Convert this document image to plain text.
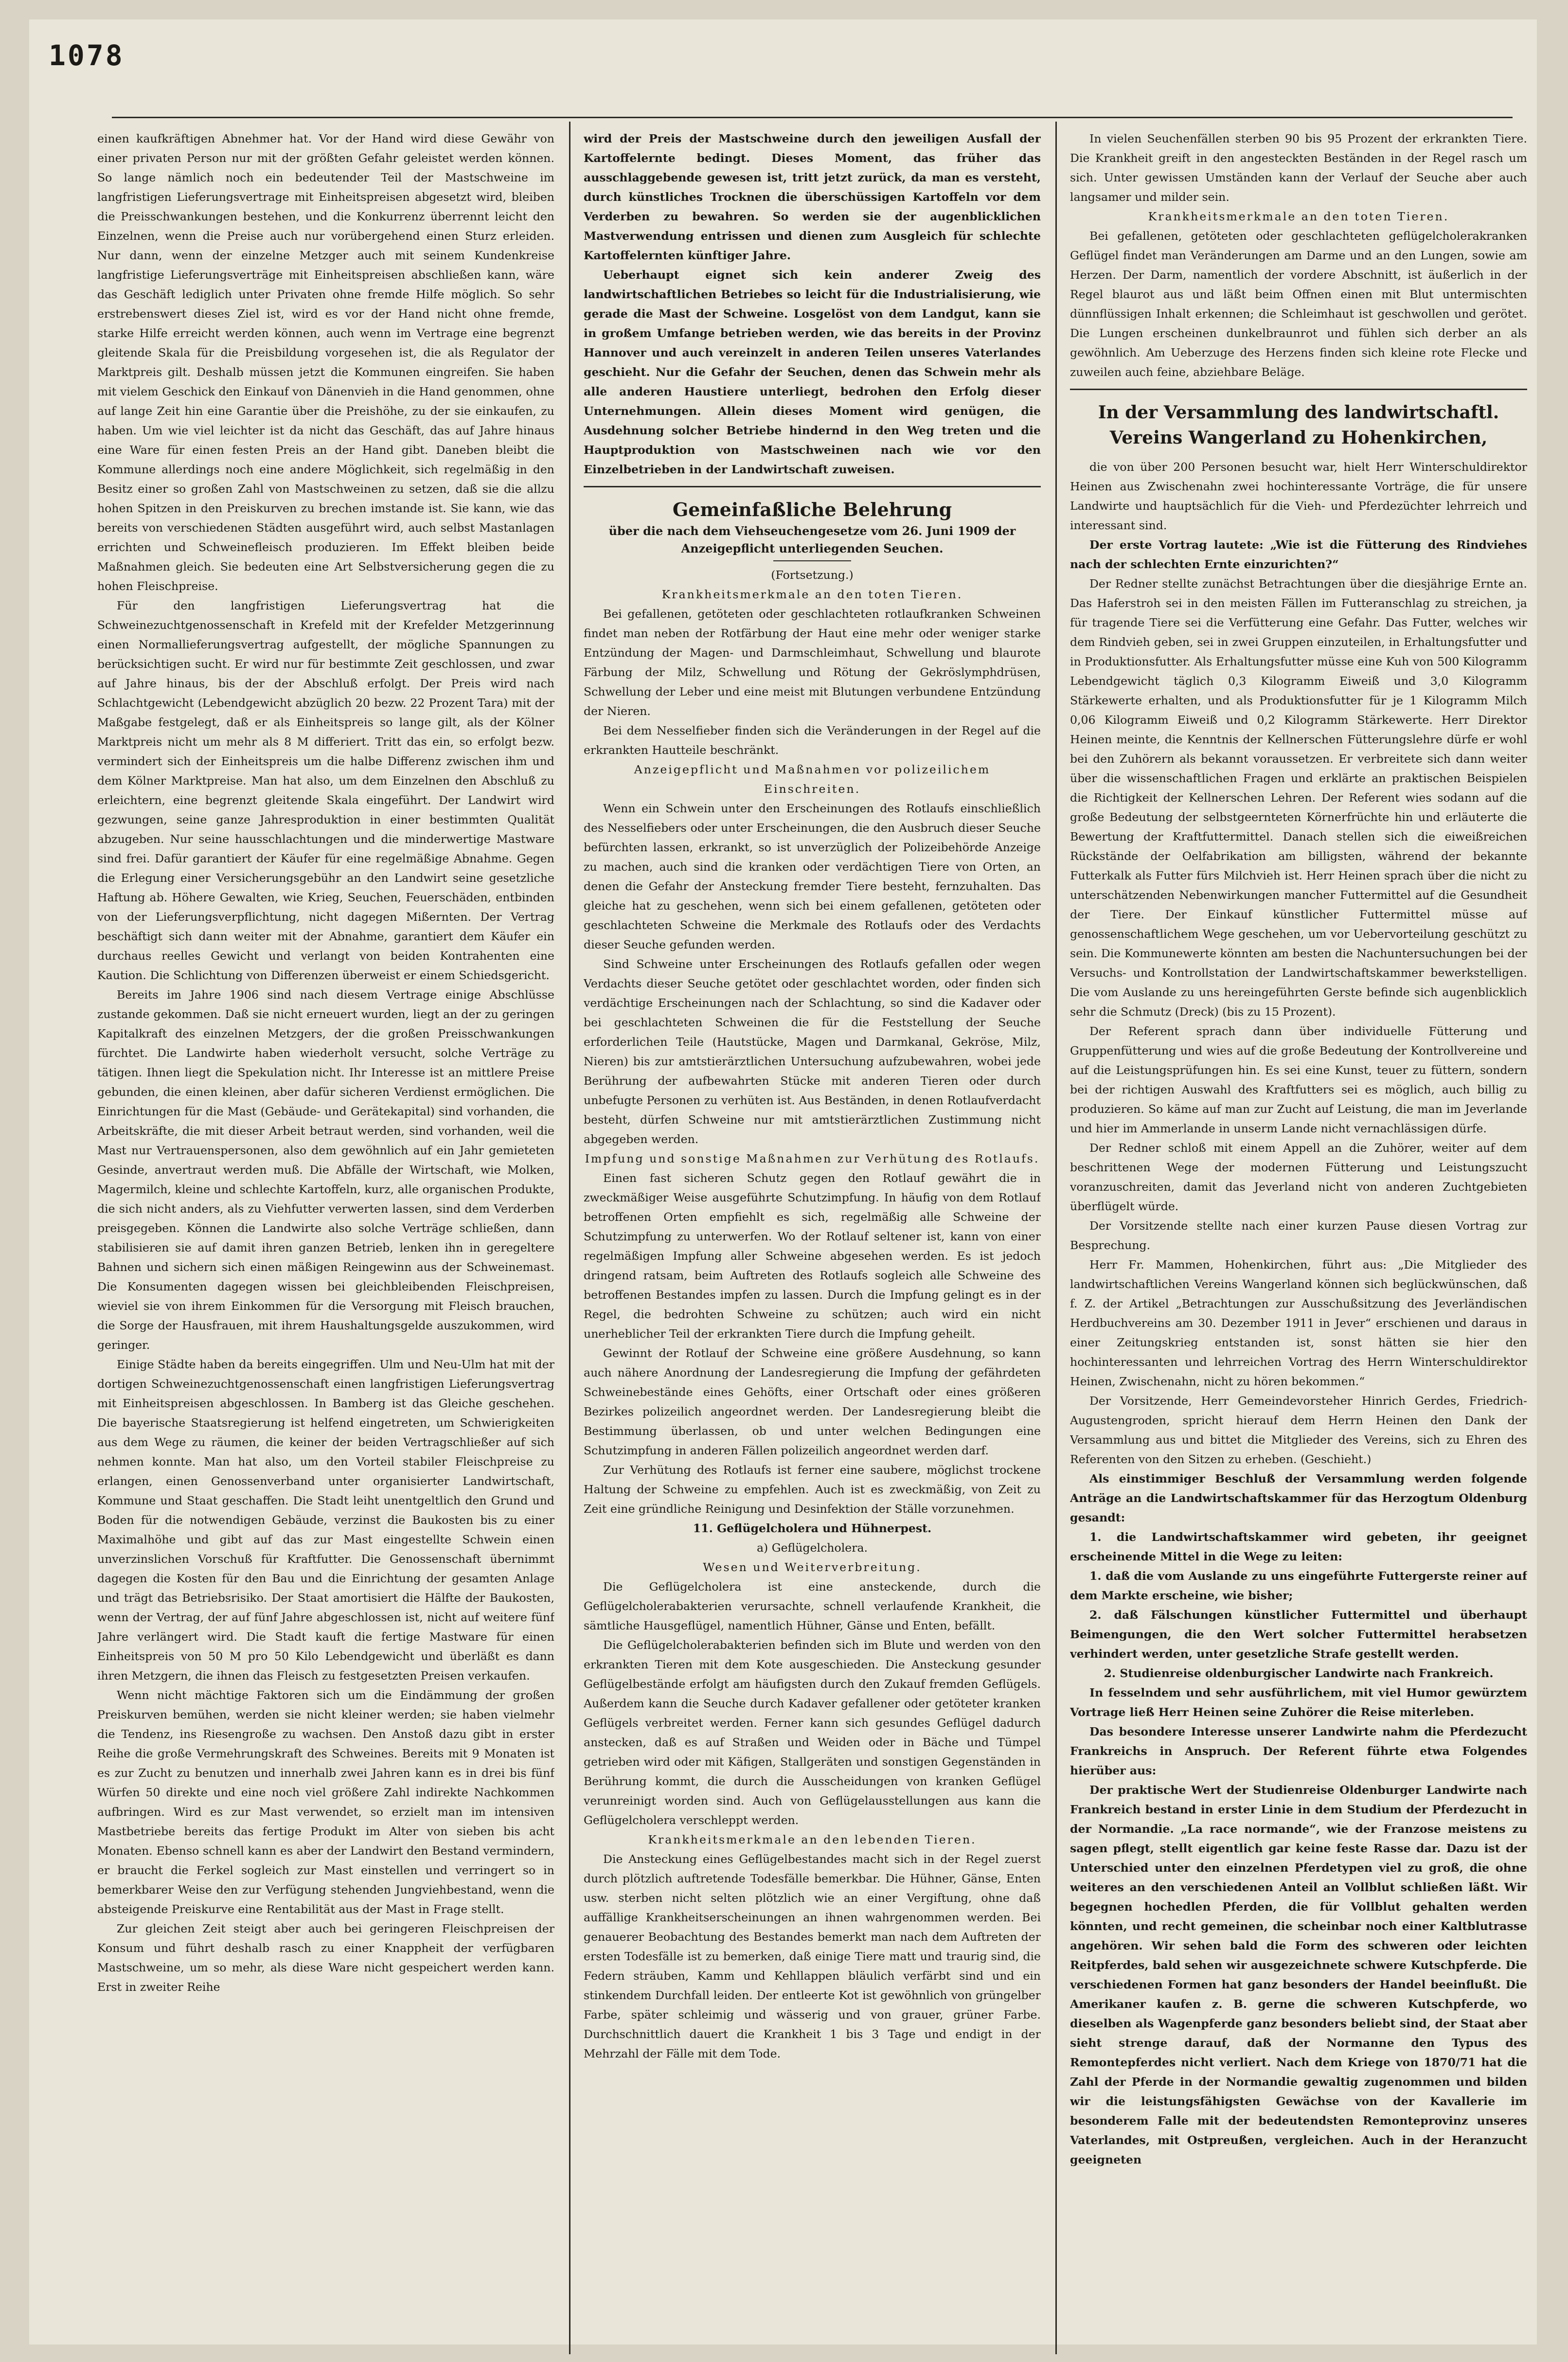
1078

einen kaufkräftigen Abnehmer hat. Vor der Hand wird diese Gewähr von einer privaten Person nur mit der größten Gefahr geleistet werden können. So lange nämlich noch ein bedeutender Teil der Mastschweine im langfristigen Lieferungsvertrage mit Einheitspreisen abgesetzt wird, bleiben die Preisschwankungen bestehen, und die Konkurrenz überrennt leicht den Einzelnen, wenn die Preise auch nur vorübergehend einen Sturz erleiden. Nur dann, wenn der einzelne Metzger auch mit seinem Kundenkreise langfristige Lieferungsverträge mit Einheitspreisen abschließen kann, wäre das Geschäft lediglich unter Privaten ohne fremde Hilfe möglich. So sehr erstrebenswert dieses Ziel ist, wird es vor der Hand nicht ohne fremde, starke Hilfe erreicht werden können, auch wenn im Vertrage eine begrenzt gleitende Skala für die Preisbildung vorgesehen ist, die als Regulator der Marktpreis gilt. Deshalb müssen jetzt die Kommunen eingreifen. Sie haben mit vielem Geschick den Einkauf von Dänenvieh in die Hand genommen, ohne auf lange Zeit hin eine Garantie über die Preishöhe, zu der sie einkaufen, zu haben. Um wie viel leichter ist da nicht das Geschäft, das auf Jahre hinaus eine Ware für einen festen Preis an der Hand gibt. Daneben bleibt die Kommune allerdings noch eine andere Möglichkeit, sich regelmäßig in den Besitz einer so großen Zahl von Mastschweinen zu setzen, daß sie die allzu hohen Spitzen in den Preiskurven zu brechen imstande ist. Sie kann, wie das bereits von verschiedenen Städten ausgeführt wird, auch selbst Mastanlagen errichten und Schweinefleisch produzieren. Im Effekt bleiben beide Maßnahmen gleich. Sie bedeuten eine Art Selbstversicherung gegen die zu hohen Fleischpreise.

Für den langfristigen Lieferungsvertrag hat die Schweinezuchtgenossenschaft in Krefeld mit der Krefelder Metzgerinnung einen Normallieferungsvertrag aufgestellt, der mögliche Spannungen zu berücksichtigen sucht. Er wird nur für bestimmte Zeit geschlossen, und zwar auf Jahre hinaus, bis der der Abschluß erfolgt. Der Preis wird nach Schlachtgewicht (Lebendgewicht abzüglich 20 bezw. 22 Prozent Tara) mit der Maßgabe festgelegt, daß er als Einheitspreis so lange gilt, als der Kölner Marktpreis nicht um mehr als 8 M differiert. Tritt das ein, so erfolgt bezw. vermindert sich der Einheitspreis um die halbe Differenz zwischen ihm und dem Kölner Marktpreise. Man hat also, um dem Einzelnen den Abschluß zu erleichtern, eine begrenzt gleitende Skala eingeführt. Der Landwirt wird gezwungen, seine ganze Jahresproduktion in einer bestimmten Qualität abzugeben. Nur seine hausschlachtungen und die minderwertige Mastware sind frei. Dafür garantiert der Käufer für eine regelmäßige Abnahme. Gegen die Erlegung einer Versicherungsgebühr an den Landwirt seine gesetzliche Haftung ab. Höhere Gewalten, wie Krieg, Seuchen, Feuerschäden, entbinden von der Lieferungsverpflichtung, nicht dagegen Mißernten. Der Vertrag beschäftigt sich dann weiter mit der Abnahme, garantiert dem Käufer ein durchaus reelles Gewicht und verlangt von beiden Kontrahenten eine Kaution. Die Schlichtung von Differenzen überweist er einem Schiedsgericht.

Bereits im Jahre 1906 sind nach diesem Vertrage einige Abschlüsse zustande gekommen. Daß sie nicht erneuert wurden, liegt an der zu geringen Kapitalkraft des einzelnen Metzgers, der die großen Preisschwankungen fürchtet. Die Landwirte haben wiederholt versucht, solche Verträge zu tätigen. Ihnen liegt die Spekulation nicht. Ihr Interesse ist an mittlere Preise gebunden, die einen kleinen, aber dafür sicheren Verdienst ermöglichen. Die Einrichtungen für die Mast (Gebäude- und Gerätekapital) sind vorhanden, die Arbeitskräfte, die mit dieser Arbeit betraut werden, sind vorhanden, weil die Mast nur Vertrauenspersonen, also dem gewöhnlich auf ein Jahr gemieteten Gesinde, anvertraut werden muß. Die Abfälle der Wirtschaft, wie Molken, Magermilch, kleine und schlechte Kartoffeln, kurz, alle organischen Produkte, die sich nicht anders, als zu Viehfutter verwerten lassen, sind dem Verderben preisgegeben. Können die Landwirte also solche Verträge schließen, dann stabilisieren sie auf damit ihren ganzen Betrieb, lenken ihn in geregeltere Bahnen und sichern sich einen mäßigen Reingewinn aus der Schweinemast. Die Konsumenten dagegen wissen bei gleichbleibenden Fleischpreisen, wieviel sie von ihrem Einkommen für die Versorgung mit Fleisch brauchen, die Sorge der Hausfrauen, mit ihrem Haushaltungsgelde auszukommen, wird geringer.

Einige Städte haben da bereits eingegriffen. Ulm und Neu-Ulm hat mit der dortigen Schweinezuchtgenossenschaft einen langfristigen Lieferungsvertrag mit Einheitspreisen abgeschlossen. In Bamberg ist das Gleiche geschehen. Die bayerische Staatsregierung ist helfend eingetreten, um Schwierigkeiten aus dem Wege zu räumen, die keiner der beiden Vertragschließer auf sich nehmen konnte. Man hat also, um den Vorteil stabiler Fleischpreise zu erlangen, einen Genossenverband unter organisierter Landwirtschaft, Kommune und Staat geschaffen. Die Stadt leiht unentgeltlich den Grund und Boden für die notwendigen Gebäude, verzinst die Baukosten bis zu einer Maximalhöhe und gibt auf das zur Mast eingestellte Schwein einen unverzinslichen Vorschuß für Kraftfutter. Die Genossenschaft übernimmt dagegen die Kosten für den Bau und die Einrichtung der gesamten Anlage und trägt das Betriebsrisiko. Der Staat amortisiert die Hälfte der Baukosten, wenn der Vertrag, der auf fünf Jahre abgeschlossen ist, nicht auf weitere fünf Jahre verlängert wird. Die Stadt kauft die fertige Mastware für einen Einheitspreis von 50 M pro 50 Kilo Lebendgewicht und überläßt es dann ihren Metzgern, die ihnen das Fleisch zu festgesetzten Preisen verkaufen.

Wenn nicht mächtige Faktoren sich um die Eindämmung der großen Preiskurven bemühen, werden sie nicht kleiner werden; sie haben vielmehr die Tendenz, ins Riesengroße zu wachsen. Den Anstoß dazu gibt in erster Reihe die große Vermehrungskraft des Schweines. Bereits mit 9 Monaten ist es zur Zucht zu benutzen und innerhalb zwei Jahren kann es in drei bis fünf Würfen 50 direkte und eine noch viel größere Zahl indirekte Nachkommen aufbringen. Wird es zur Mast verwendet, so erzielt man im intensiven Mastbetriebe bereits das fertige Produkt im Alter von sieben bis acht Monaten. Ebenso schnell kann es aber der Landwirt den Bestand vermindern, er braucht die Ferkel sogleich zur Mast einstellen und verringert so in bemerkbarer Weise den zur Verfügung stehenden Jungviehbestand, wenn die absteigende Preiskurve eine Rentabilität aus der Mast in Frage stellt.

Zur gleichen Zeit steigt aber auch bei geringeren Fleischpreisen der Konsum und führt deshalb rasch zu einer Knappheit der verfügbaren Mastschweine, um so mehr, als diese Ware nicht gespeichert werden kann. Erst in zweiter Reihe

wird der Preis der Mastschweine durch den jeweiligen Ausfall der Kartoffelernte bedingt. Dieses Moment, das früher das ausschlaggebende gewesen ist, tritt jetzt zurück, da man es versteht, durch künstliches Trocknen die überschüssigen Kartoffeln vor dem Verderben zu bewahren. So werden sie der augenblicklichen Mastverwendung entrissen und dienen zum Ausgleich für schlechte Kartoffelernten künftiger Jahre.

Ueberhaupt eignet sich kein anderer Zweig des landwirtschaftlichen Betriebes so leicht für die Industrialisierung, wie gerade die Mast der Schweine. Losgelöst von dem Landgut, kann sie in großem Umfange betrieben werden, wie das bereits in der Provinz Hannover und auch vereinzelt in anderen Teilen unseres Vaterlandes geschieht. Nur die Gefahr der Seuchen, denen das Schwein mehr als alle anderen Haustiere unterliegt, bedrohen den Erfolg dieser Unternehmungen. Allein dieses Moment wird genügen, die Ausdehnung solcher Betriebe hindernd in den Weg treten und die Hauptproduktion von Mastschweinen nach wie vor den Einzelbetrieben in der Landwirtschaft zuweisen.

Gemeinfaßliche Belehrung
über die nach dem Viehseuchengesetze vom 26. Juni 1909 der Anzeigepflicht unterliegenden Seuchen.

(Fortsetzung.)

Krankheitsmerkmale an den toten Tieren.

Bei gefallenen, getöteten oder geschlachteten rotlaufkranken Schweinen findet man neben der Rotfärbung der Haut eine mehr oder weniger starke Entzündung der Magen- und Darmschleimhaut, Schwellung und blaurote Färbung der Milz, Schwellung und Rötung der Gekröslymphdrüsen, Schwellung der Leber und eine meist mit Blutungen verbundene Entzündung der Nieren.

Bei dem Nesselfieber finden sich die Veränderungen in der Regel auf die erkrankten Hautteile beschränkt.

Anzeigepflicht und Maßnahmen vor polizeilichem Einschreiten.

Wenn ein Schwein unter den Erscheinungen des Rotlaufs einschließlich des Nesselfiebers oder unter Erscheinungen, die den Ausbruch dieser Seuche befürchten lassen, erkrankt, so ist unverzüglich der Polizeibehörde Anzeige zu machen, auch sind die kranken oder verdächtigen Tiere von Orten, an denen die Gefahr der Ansteckung fremder Tiere besteht, fernzuhalten. Das gleiche hat zu geschehen, wenn sich bei einem gefallenen, getöteten oder geschlachteten Schweine die Merkmale des Rotlaufs oder des Verdachts dieser Seuche gefunden werden.

Sind Schweine unter Erscheinungen des Rotlaufs gefallen oder wegen Verdachts dieser Seuche getötet oder geschlachtet worden, oder finden sich verdächtige Erscheinungen nach der Schlachtung, so sind die Kadaver oder bei geschlachteten Schweinen die für die Feststellung der Seuche erforderlichen Teile (Hautstücke, Magen und Darmkanal, Gekröse, Milz, Nieren) bis zur amtstierärztlichen Untersuchung aufzubewahren, wobei jede Berührung der aufbewahrten Stücke mit anderen Tieren oder durch unbefugte Personen zu verhüten ist. Aus Beständen, in denen Rotlaufverdacht besteht, dürfen Schweine nur mit amtstierärztlichen Zustimmung nicht abgegeben werden.

Impfung und sonstige Maßnahmen zur Verhütung des Rotlaufs.

Einen fast sicheren Schutz gegen den Rotlauf gewährt die in zweckmäßiger Weise ausgeführte Schutzimpfung. In häufig von dem Rotlauf betroffenen Orten empfiehlt es sich, regelmäßig alle Schweine der Schutzimpfung zu unterwerfen. Wo der Rotlauf seltener ist, kann von einer regelmäßigen Impfung aller Schweine abgesehen werden. Es ist jedoch dringend ratsam, beim Auftreten des Rotlaufs sogleich alle Schweine des betroffenen Bestandes impfen zu lassen. Durch die Impfung gelingt es in der Regel, die bedrohten Schweine zu schützen; auch wird ein nicht unerheblicher Teil der erkrankten Tiere durch die Impfung geheilt.

Gewinnt der Rotlauf der Schweine eine größere Ausdehnung, so kann auch nähere Anordnung der Landesregierung die Impfung der gefährdeten Schweinebestände eines Gehöfts, einer Ortschaft oder eines größeren Bezirkes polizeilich angeordnet werden. Der Landesregierung bleibt die Bestimmung überlassen, ob und unter welchen Bedingungen eine Schutzimpfung in anderen Fällen polizeilich angeordnet werden darf.

Zur Verhütung des Rotlaufs ist ferner eine saubere, möglichst trockene Haltung der Schweine zu empfehlen. Auch ist es zweckmäßig, von Zeit zu Zeit eine gründliche Reinigung und Desinfektion der Ställe vorzunehmen.

11. Geflügelcholera und Hühnerpest.

a) Geflügelcholera.

Wesen und Weiterverbreitung.

Die Geflügelcholera ist eine ansteckende, durch die Geflügelcholerabakterien verursachte, schnell verlaufende Krankheit, die sämtliche Hausgeflügel, namentlich Hühner, Gänse und Enten, befällt.

Die Geflügelcholerabakterien befinden sich im Blute und werden von den erkrankten Tieren mit dem Kote ausgeschieden. Die Ansteckung gesunder Geflügelbestände erfolgt am häufigsten durch den Zukauf fremden Geflügels. Außerdem kann die Seuche durch Kadaver gefallener oder getöteter kranken Geflügels verbreitet werden. Ferner kann sich gesundes Geflügel dadurch anstecken, daß es auf Straßen und Weiden oder in Bäche und Tümpel getrieben wird oder mit Käfigen, Stallgeräten und sonstigen Gegenständen in Berührung kommt, die durch die Ausscheidungen von kranken Geflügel verunreinigt worden sind. Auch von Geflügelausstellungen aus kann die Geflügelcholera verschleppt werden.

Krankheitsmerkmale an den lebenden Tieren.

Die Ansteckung eines Geflügelbestandes macht sich in der Regel zuerst durch plötzlich auftretende Todesfälle bemerkbar. Die Hühner, Gänse, Enten usw. sterben nicht selten plötzlich wie an einer Vergiftung, ohne daß auffällige Krankheitserscheinungen an ihnen wahrgenommen werden. Bei genauerer Beobachtung des Bestandes bemerkt man nach dem Auftreten der ersten Todesfälle ist zu bemerken, daß einige Tiere matt und traurig sind, die Federn sträuben, Kamm und Kehllappen bläulich verfärbt sind und ein stinkendem Durchfall leiden. Der entleerte Kot ist gewöhnlich von grüngelber Farbe, später schleimig und wässerig und von grauer, grüner Farbe. Durchschnittlich dauert die Krankheit 1 bis 3 Tage und endigt in der Mehrzahl der Fälle mit dem Tode.

In vielen Seuchenfällen sterben 90 bis 95 Prozent der erkrankten Tiere. Die Krankheit greift in den angesteckten Beständen in der Regel rasch um sich. Unter gewissen Umständen kann der Verlauf der Seuche aber auch langsamer und milder sein.

Krankheitsmerkmale an den toten Tieren.

Bei gefallenen, getöteten oder geschlachteten geflügelcholerakranken Geflügel findet man Veränderungen am Darme und an den Lungen, sowie am Herzen. Der Darm, namentlich der vordere Abschnitt, ist äußerlich in der Regel blaurot aus und läßt beim Offnen einen mit Blut untermischten dünnflüssigen Inhalt erkennen; die Schleimhaut ist geschwollen und gerötet. Die Lungen erscheinen dunkelbraunrot und fühlen sich derber an als gewöhnlich. Am Ueberzuge des Herzens finden sich kleine rote Flecke und zuweilen auch feine, abziehbare Beläge.

In der Versammlung des landwirtschaftl. Vereins Wangerland zu Hohenkirchen,

die von über 200 Personen besucht war, hielt Herr Winterschuldirektor Heinen aus Zwischenahn zwei hochinteressante Vorträge, die für unsere Landwirte und hauptsächlich für die Vieh- und Pferdezüchter lehrreich und interessant sind.

Der erste Vortrag lautete: „Wie ist die Fütterung des Rindviehes nach der schlechten Ernte einzurichten?“

Der Redner stellte zunächst Betrachtungen über die diesjährige Ernte an. Das Haferstroh sei in den meisten Fällen im Futteranschlag zu streichen, ja für tragende Tiere sei die Verfütterung eine Gefahr. Das Futter, welches wir dem Rindvieh geben, sei in zwei Gruppen einzuteilen, in Erhaltungsfutter und in Produktionsfutter. Als Erhaltungsfutter müsse eine Kuh von 500 Kilogramm Lebendgewicht täglich 0,3 Kilogramm Eiweiß und 3,0 Kilogramm Stärkewerte erhalten, und als Produktionsfutter für je 1 Kilogramm Milch 0,06 Kilogramm Eiweiß und 0,2 Kilogramm Stärkewerte. Herr Direktor Heinen meinte, die Kenntnis der Kellnerschen Fütterungslehre dürfe er wohl bei den Zuhörern als bekannt voraussetzen. Er verbreitete sich dann weiter über die wissenschaftlichen Fragen und erklärte an praktischen Beispielen die Richtigkeit der Kellnerschen Lehren. Der Referent wies sodann auf die große Bedeutung der selbstgeernteten Körnerfrüchte hin und erläuterte die Bewertung der Kraftfuttermittel. Danach stellen sich die eiweißreichen Rückstände der Oelfabrikation am billigsten, während der bekannte Futterkalk als Futter fürs Milchvieh ist. Herr Heinen sprach über die nicht zu unterschätzenden Nebenwirkungen mancher Futtermittel auf die Gesundheit der Tiere. Der Einkauf künstlicher Futtermittel müsse auf genossenschaftlichem Wege geschehen, um vor Uebervorteilung geschützt zu sein. Die Kommunewerte könnten am besten die Nachuntersuchungen bei der Versuchs- und Kontrollstation der Landwirtschaftskammer bewerkstelligen. Die vom Auslande zu uns hereingeführten Gerste befinde sich augenblicklich sehr die Schmutz (Dreck) (bis zu 15 Prozent).

Der Referent sprach dann über individuelle Fütterung und Gruppenfütterung und wies auf die große Bedeutung der Kontrollvereine und auf die Leistungsprüfungen hin. Es sei eine Kunst, teuer zu füttern, sondern bei der richtigen Auswahl des Kraftfutters sei es möglich, auch billig zu produzieren. So käme auf man zur Zucht auf Leistung, die man im Jeverlande und hier im Ammerlande in unserm Lande nicht vernachlässigen dürfe.

Der Redner schloß mit einem Appell an die Zuhörer, weiter auf dem beschrittenen Wege der modernen Fütterung und Leistungszucht voranzuschreiten, damit das Jeverland nicht von anderen Zuchtgebieten überflügelt würde.

Der Vorsitzende stellte nach einer kurzen Pause diesen Vortrag zur Besprechung.

Herr Fr. Mammen, Hohenkirchen, führt aus: „Die Mitglieder des landwirtschaftlichen Vereins Wangerland können sich beglückwünschen, daß f. Z. der Artikel „Betrachtungen zur Ausschußsitzung des Jeverländischen Herdbuchvereins am 30. Dezember 1911 in Jever“ erschienen und daraus in einer Zeitungskrieg entstanden ist, sonst hätten sie hier den hochinteressanten und lehrreichen Vortrag des Herrn Winterschuldirektor Heinen, Zwischenahn, nicht zu hören bekommen.“

Der Vorsitzende, Herr Gemeindevorsteher Hinrich Gerdes, Friedrich-Augustengroden, spricht hierauf dem Herrn Heinen den Dank der Versammlung aus und bittet die Mitglieder des Vereins, sich zu Ehren des Referenten von den Sitzen zu erheben. (Geschieht.)

Als einstimmiger Beschluß der Versammlung werden folgende Anträge an die Landwirtschaftskammer für das Herzogtum Oldenburg gesandt:

1. die Landwirtschaftskammer wird gebeten, ihr geeignet erscheinende Mittel in die Wege zu leiten:

1. daß die vom Auslande zu uns eingeführte Futtergerste reiner auf dem Markte erscheine, wie bisher;

2. daß Fälschungen künstlicher Futtermittel und überhaupt Beimengungen, die den Wert solcher Futtermittel herabsetzen verhindert werden, unter gesetzliche Strafe gestellt werden.

2. Studienreise oldenburgischer Landwirte nach Frankreich.

In fesselndem und sehr ausführlichem, mit viel Humor gewürztem Vortrage ließ Herr Heinen seine Zuhörer die Reise miterleben.

Das besondere Interesse unserer Landwirte nahm die Pferdezucht Frankreichs in Anspruch. Der Referent führte etwa Folgendes hierüber aus:

Der praktische Wert der Studienreise Oldenburger Landwirte nach Frankreich bestand in erster Linie in dem Studium der Pferdezucht in der Normandie. „La race normande“, wie der Franzose meistens zu sagen pflegt, stellt eigentlich gar keine feste Rasse dar. Dazu ist der Unterschied unter den einzelnen Pferdetypen viel zu groß, die ohne weiteres an den verschiedenen Anteil an Vollblut schließen läßt. Wir begegnen hochedlen Pferden, die für Vollblut gehalten werden könnten, und recht gemeinen, die scheinbar noch einer Kaltblutrasse angehören. Wir sehen bald die Form des schweren oder leichten Reitpferdes, bald sehen wir ausgezeichnete schwere Kutschpferde. Die verschiedenen Formen hat ganz besonders der Handel beeinflußt. Die Amerikaner kaufen z. B. gerne die schweren Kutschpferde, wo dieselben als Wagenpferde ganz besonders beliebt sind, der Staat aber sieht strenge darauf, daß der Normanne den Typus des Remontepferdes nicht verliert. Nach dem Kriege von 1870/71 hat die Zahl der Pferde in der Normandie gewaltig zugenommen und bilden wir die leistungsfähigsten Gewächse von der Kavallerie im besonderem Falle mit der bedeutendsten Remonteprovinz unseres Vaterlandes, mit Ostpreußen, vergleichen. Auch in der Heranzucht geeigneten
